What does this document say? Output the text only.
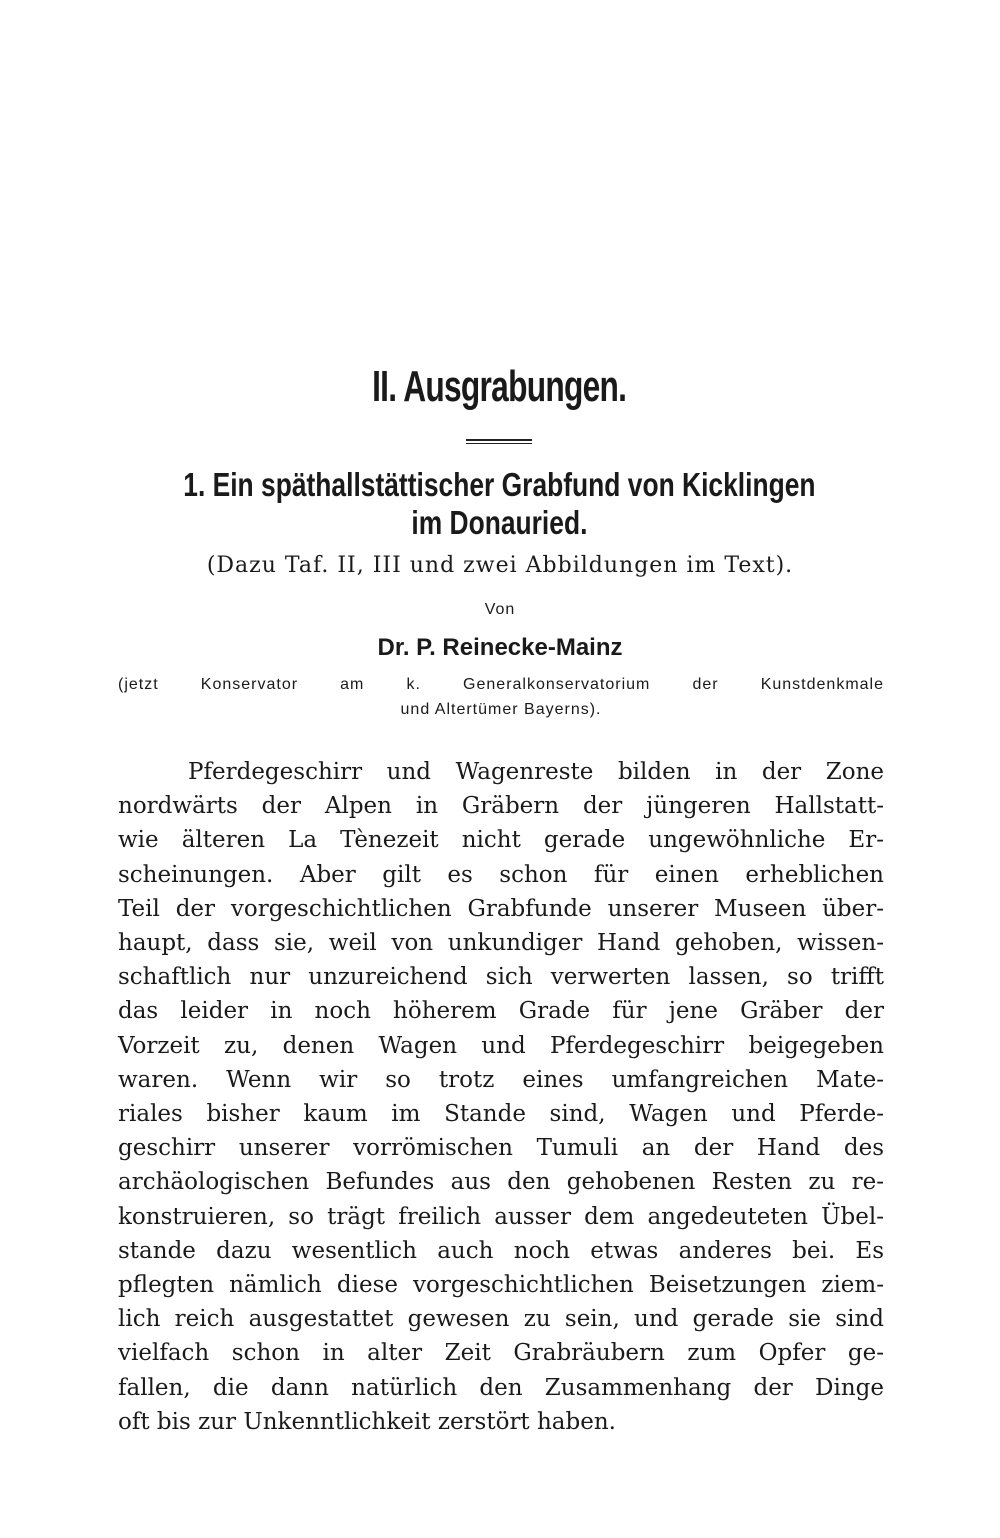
II. Ausgrabungen.
1. Ein späthallstättischer Grabfund von Kicklingen
im Donauried.

(Dazu Taf. II, III und zwei Abbildungen im Text).

Von

Dr. P. Reinecke-Mainz

(jetzt Konservator am k. Generalkonservatorium der Kunstdenkmale
und Altertümer Bayerns).
Pferdegeschirr und Wagenreste bilden in der Zone
nordwärts der Alpen in Gräbern der jüngeren Hallstatt-
wie älteren La Tènezeit nicht gerade ungewöhnliche Er-
scheinungen. Aber gilt es schon für einen erheblichen
Teil der vorgeschichtlichen Grabfunde unserer Museen über-
haupt, dass sie, weil von unkundiger Hand gehoben, wissen-
schaftlich nur unzureichend sich verwerten lassen, so trifft
das leider in noch höherem Grade für jene Gräber der
Vorzeit zu, denen Wagen und Pferdegeschirr beigegeben
waren. Wenn wir so trotz eines umfangreichen Mate-
riales bisher kaum im Stande sind, Wagen und Pferde-
geschirr unserer vorrömischen Tumuli an der Hand des
archäologischen Befundes aus den gehobenen Resten zu re-
konstruieren, so trägt freilich ausser dem angedeuteten Übel-
stande dazu wesentlich auch noch etwas anderes bei. Es
pflegten nämlich diese vorgeschichtlichen Beisetzungen ziem-
lich reich ausgestattet gewesen zu sein, und gerade sie sind
vielfach schon in alter Zeit Grabräubern zum Opfer ge-
fallen, die dann natürlich den Zusammenhang der Dinge
oft bis zur Unkenntlichkeit zerstört haben.
